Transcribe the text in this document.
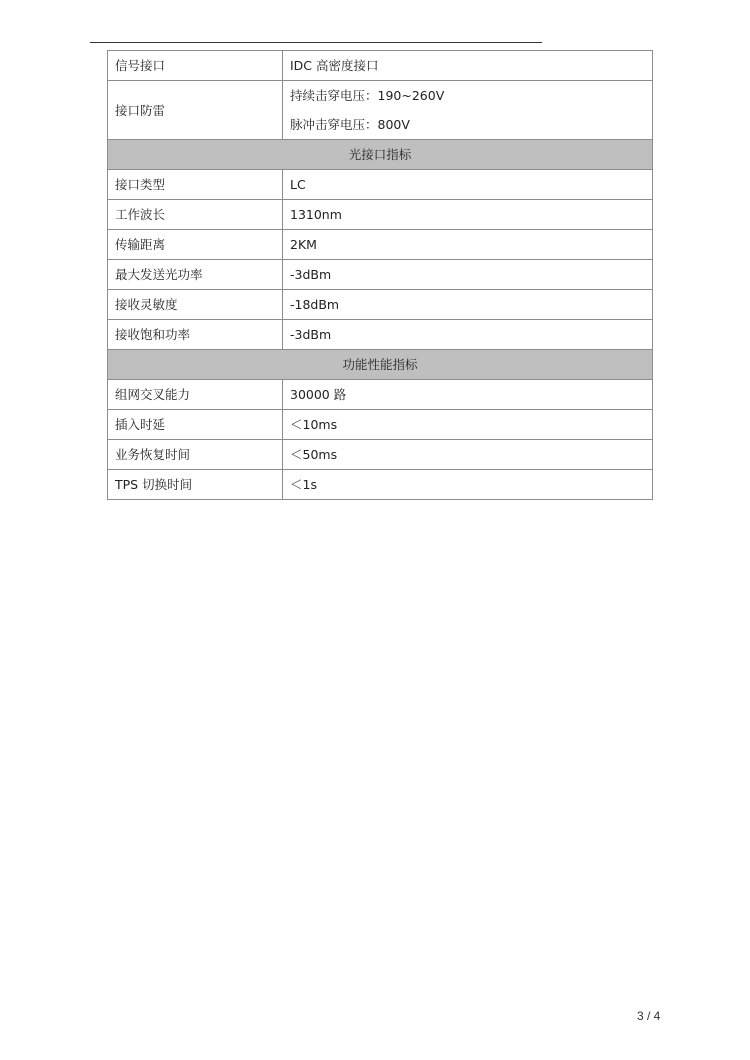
信号接口	IDC 高密度接口
接口防雷	持续击穿电压：190~260V
脉冲击穿电压：800V

光接口指标	
接口类型	LC
工作波长	1310nm
传输距离	2KM
最大发送光功率	-3dBm
接收灵敏度	-18dBm
接收饱和功率	-3dBm
功能性能指标	
组网交叉能力	30000 路
插入时延	＜10ms
业务恢复时间	＜50ms
TPS 切换时间	＜1s
3 / 4
